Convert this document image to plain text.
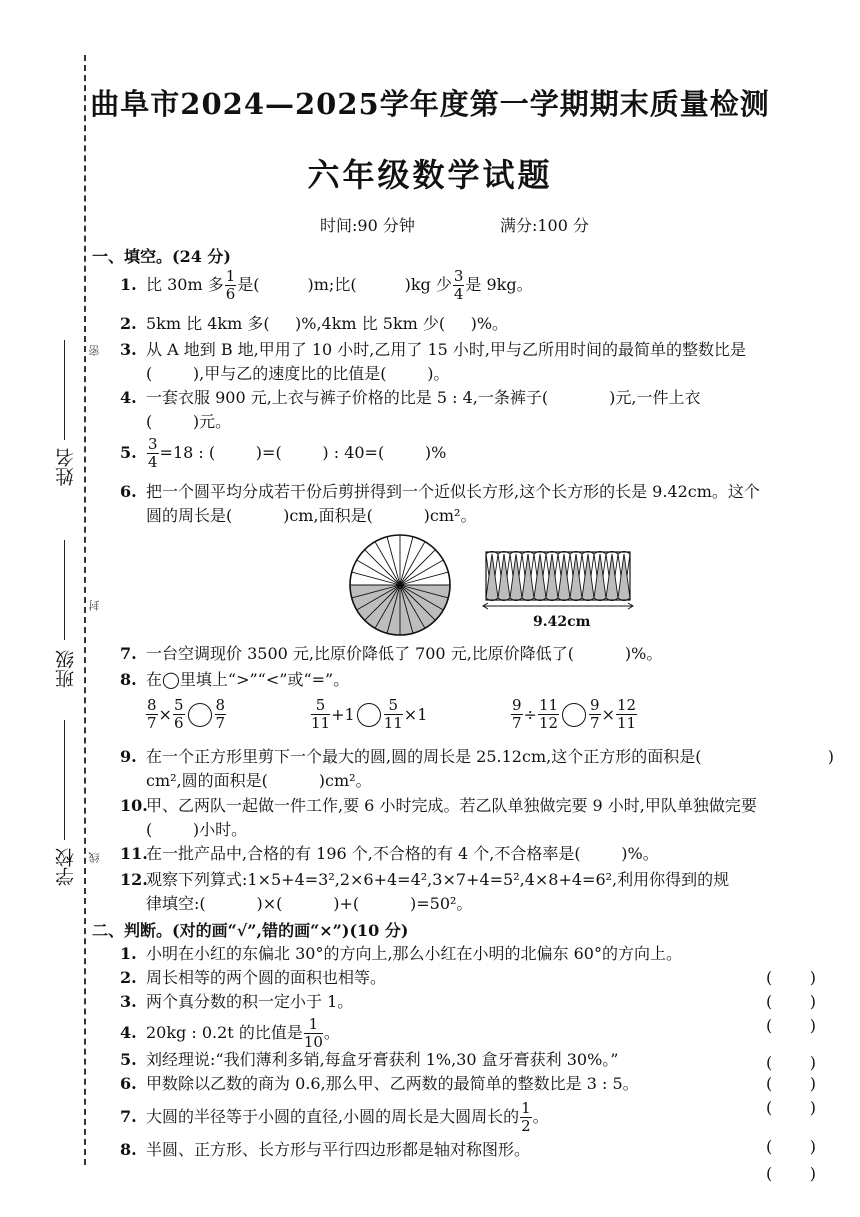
姓名
班级
学校
密
封
线
曲阜市2024—2025学年度第一学期期末质量检测
六年级数学试题
时间:90 分钟	满分:100 分
一、填空。(24 分)
1. 比 30m 多 $\frac{1}{6}$ 是(	)m;比(	)kg 少 $\frac{3}{4}$ 是 9kg。
2. 5km 比 4km 多(     )%,4km 比 5km 少(     )%。
3. 从 A 地到 B 地,甲用了 10 小时,乙用了 15 小时,甲与乙所用时间的最简单的整数比是
(        ),甲与乙的速度比的比值是(        )。
4. 一套衣服 900 元,上衣与裤子价格的比是 5 : 4,一条裤子(            )元,一件上衣
(        )元。
5. $\frac{3}{4} =18$ : (        )=(        ) : 40=(        )%
6. 把一个圆平均分成若干份后剪拼得到一个近似长方形,这个长方形的长是 9.42cm。这个
圆的周长是(          )cm,面积是(          )cm²。
9.42cm
7. 一台空调现价 3500 元,比原价降低了 700 元,比原价降低了(          )%。
8. 在◯里填上“>”“<”或“=”。
$\frac{8}{7} \times \frac{5}{6} \frac{8}{7}$	$\frac{5}{11} +1 \frac{5}{11} \times 1$	$\frac{9}{7} \div \frac{11}{12} \frac{9}{7} \times \frac{12}{11}$
9. 在一个正方形里剪下一个最大的圆,圆的周长是 25.12cm,这个正方形的面积是(	)
cm²,圆的面积是(          )cm²。
10.甲、乙两队一起做一件工作,要 6 小时完成。若乙队单独做完要 9 小时,甲队单独做完要
(        )小时。
11.在一批产品中,合格的有 196 个,不合格的有 4 个,不合格率是(        )%。
12.观察下列算式:1×5+4=3²,2×6+4=4²,3×7+4=5²,4×8+4=6²,利用你得到的规
律填空:(          )×(          )+(          )=50²。
二、判断。(对的画“√”,错的画“×”)(10 分)
1. 小明在小红的东偏北 30°的方向上,那么小红在小明的北偏东 60°的方向上。
( )
2. 周长相等的两个圆的面积也相等。
( )
3. 两个真分数的积一定小于 1。
( )
4. 20kg : 0.2t 的比值是 $\frac{1}{10}$ 。
( )
5. 刘经理说:“我们薄利多销,每盒牙膏获利 1%,30 盒牙膏获利 30%。”
( )
6. 甲数除以乙数的商为 0.6,那么甲、乙两数的最简单的整数比是 3 : 5。
( )
7. 大圆的半径等于小圆的直径,小圆的周长是大圆周长的 $\frac{1}{2}$ 。
( )
8. 半圆、正方形、长方形与平行四边形都是轴对称图形。
( )
